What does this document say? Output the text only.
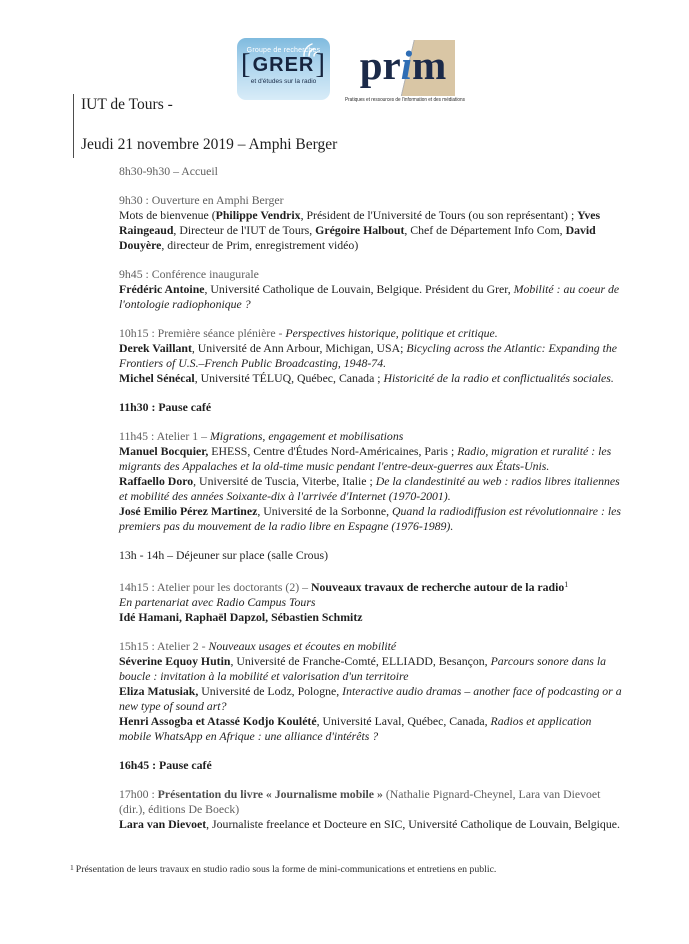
Groupe de recherches
[ GRER ]
et d'études sur la radio	prim
Pratiques et ressources de l'information et des médiations
IUT de Tours -
Jeudi 21 novembre 2019 – Amphi Berger
8h30-9h30 – Accueil
9h30 : Ouverture en Amphi Berger
Mots de bienvenue (Philippe Vendrix, Président de l'Université de Tours (ou son représentant) ; Yves Raingeaud, Directeur de l'IUT de Tours, Grégoire Halbout, Chef de Département Info Com, David Douyère, directeur de Prim, enregistrement vidéo)
9h45 : Conférence inaugurale
Frédéric Antoine, Université Catholique de Louvain, Belgique. Président du Grer, Mobilité : au coeur de l'ontologie radiophonique ?
10h15 : Première séance plénière - Perspectives historique, politique et critique.
Derek Vaillant, Université de Ann Arbour, Michigan, USA; Bicycling across the Atlantic: Expanding the Frontiers of U.S.–French Public Broadcasting, 1948-74.
Michel Sénécal, Université TÉLUQ, Québec, Canada ; Historicité de la radio et conflictualités sociales.
11h30 : Pause café
11h45 : Atelier 1 – Migrations, engagement et mobilisations
Manuel Bocquier, EHESS, Centre d'Études Nord-Américaines, Paris ; Radio, migration et ruralité : les migrants des Appalaches et la old-time music pendant l'entre-deux-guerres aux États-Unis.
Raffaello Doro, Université de Tuscia, Viterbe, Italie ; De la clandestinité au web : radios libres italiennes et mobilité des années Soixante-dix à l'arrivée d'Internet (1970-2001).
José Emilio Pérez Martinez, Université de la Sorbonne, Quand la radiodiffusion est révolutionnaire : les premiers pas du mouvement de la radio libre en Espagne (1976-1989).
13h - 14h – Déjeuner sur place (salle Crous)
14h15 : Atelier pour les doctorants (2) – Nouveaux travaux de recherche autour de la radio$^1$
En partenariat avec Radio Campus Tours
Idé Hamani, Raphaël Dapzol, Sébastien Schmitz
15h15 : Atelier 2 - Nouveaux usages et écoutes en mobilité
Séverine Equoy Hutin, Université de Franche-Comté, ELLIADD, Besançon, Parcours sonore dans la boucle : invitation à la mobilité et valorisation d'un territoire
Eliza Matusiak, Université de Lodz, Pologne, Interactive audio dramas – another face of podcasting or a new type of sound art?
Henri Assogba et Atassé Kodjo Koulété, Université Laval, Québec, Canada, Radios et application mobile WhatsApp en Afrique : une alliance d'intérêts ?
16h45 : Pause café
17h00 : Présentation du livre « Journalisme mobile » (Nathalie Pignard-Cheynel, Lara van Dievoet (dir.), éditions De Boeck)
Lara van Dievoet, Journaliste freelance et Docteure en SIC, Université Catholique de Louvain, Belgique.
$^1$ Présentation de leurs travaux en studio radio sous la forme de mini-communications et entretiens en public.
